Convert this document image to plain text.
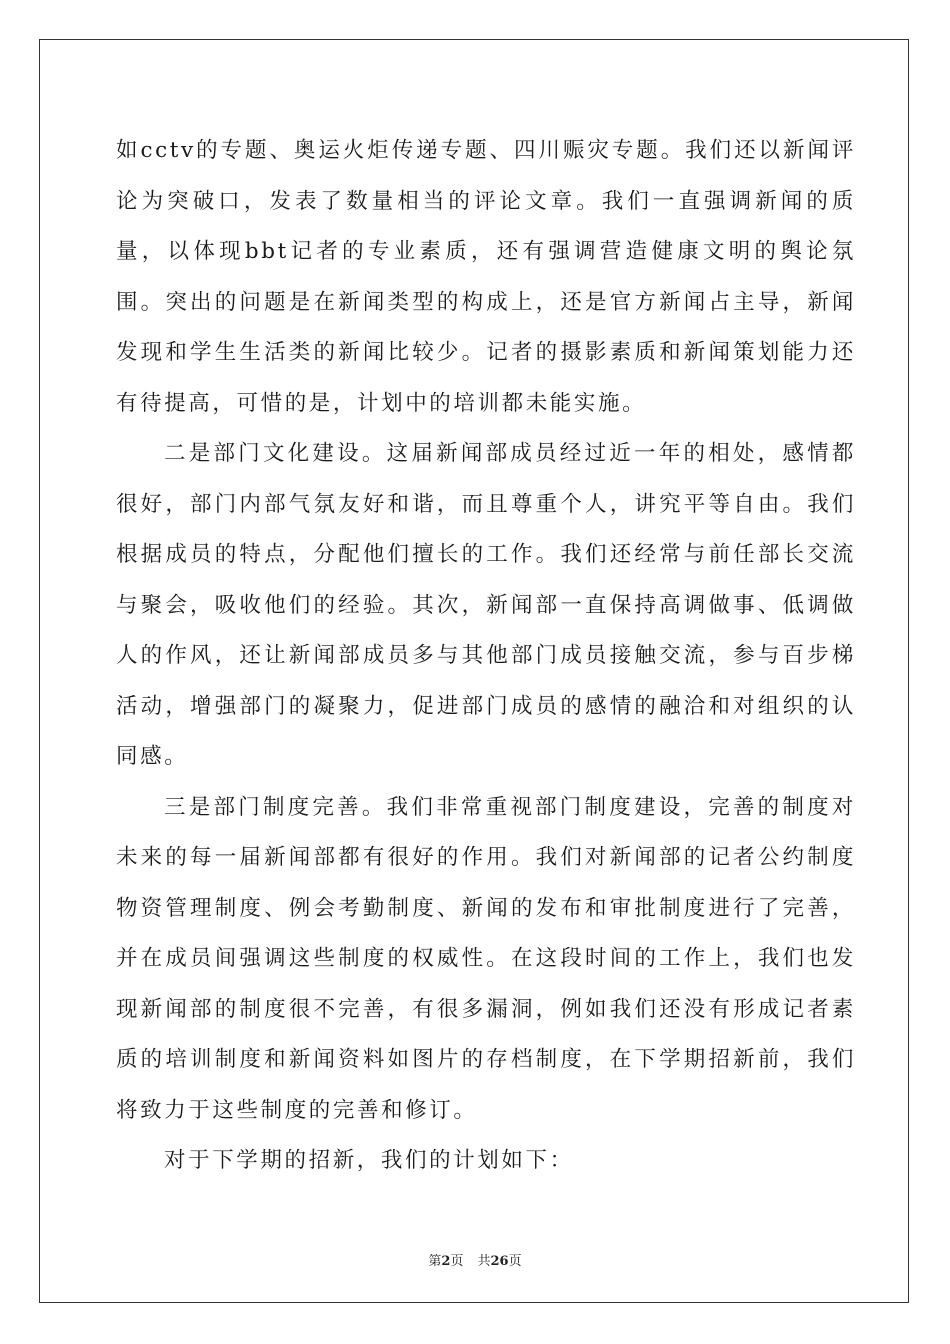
如cctv的专题、奥运火炬传递专题、四川赈灾专题。我们还以新闻评论为突破口，发表了数量相当的评论文章。我们一直强调新闻的质量，以体现bbt记者的专业素质，还有强调营造健康文明的舆论氛围。突出的问题是在新闻类型的构成上，还是官方新闻占主导，新闻发现和学生生活类的新闻比较少。记者的摄影素质和新闻策划能力还有待提高，可惜的是，计划中的培训都未能实施。

二是部门文化建设。这届新闻部成员经过近一年的相处，感情都很好，部门内部气氛友好和谐，而且尊重个人，讲究平等自由。我们根据成员的特点，分配他们擅长的工作。我们还经常与前任部长交流与聚会，吸收他们的经验。其次，新闻部一直保持高调做事、低调做人的作风，还让新闻部成员多与其他部门成员接触交流，参与百步梯活动，增强部门的凝聚力，促进部门成员的感情的融洽和对组织的认同感。

三是部门制度完善。我们非常重视部门制度建设，完善的制度对未来的每一届新闻部都有很好的作用。我们对新闻部的记者公约制度物资管理制度、例会考勤制度、新闻的发布和审批制度进行了完善，并在成员间强调这些制度的权威性。在这段时间的工作上，我们也发现新闻部的制度很不完善，有很多漏洞，例如我们还没有形成记者素质的培训制度和新闻资料如图片的存档制度，在下学期招新前，我们将致力于这些制度的完善和修订。

对于下学期的招新，我们的计划如下：

第2页 共26页
